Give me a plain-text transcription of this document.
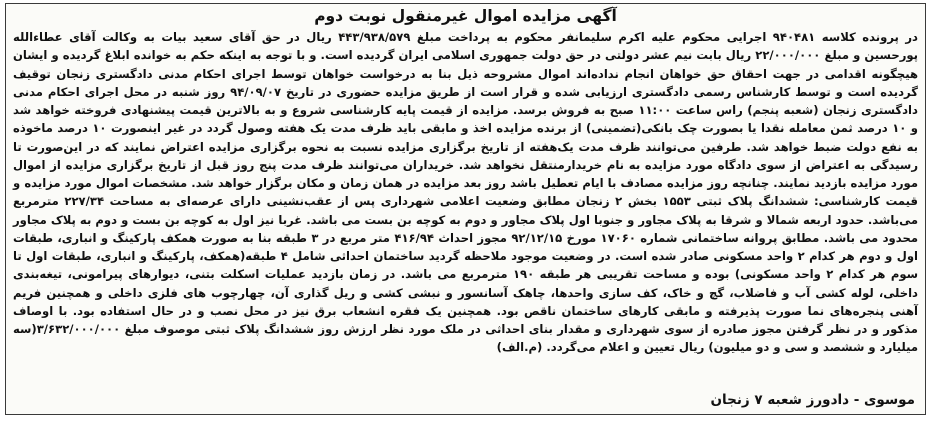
آگهی مزایده اموال غیرمنقول نوبت دوم

در پرونده کلاسه ۹۴۰۴۸۱ اجرایی محکوم علیه اکرم سلیمانفر محکوم به پرداخت مبلغ ۴۴۳/۹۳۸/۵۷۹ ریال در حق آقای سعید بیات به وکالت آقای عطاءالله پورحسین و مبلغ ۲۲/۰۰۰/۰۰۰ ریال بابت نیم عشر دولتی در حق دولت جمهوری اسلامی ایران گردیده است. و با توجه به اینکه حکم به خوانده ابلاغ گردیده و ایشان هیچگونه اقدامی در جهت احقاق حق خواهان انجام نداده‌اند اموال مشروحه ذیل بنا به درخواست خواهان توسط اجرای احکام مدنی دادگستری زنجان توقیف گردیده است و توسط کارشناس رسمی دادگستری ارزیابی شده و قرار است از طریق مزایده حضوری در تاریخ ۹۴/۰۹/۰۷ روز شنبه در محل اجرای احکام مدنی دادگستری زنجان (شعبه پنجم) راس ساعت ۱۱:۰۰ صبح به فروش برسد. مزایده از قیمت پایه کارشناسی شروع و به بالاترین قیمت پیشنهادی فروخته خواهد شد و ۱۰ درصد ثمن معامله نقدا یا بصورت چک بانکی(تضمینی) از برنده مزایده اخذ و مابقی باید ظرف مدت یک هفته وصول گردد در غیر اینصورت ۱۰ درصد ماخوذه به نفع دولت ضبط خواهد شد. طرفین می‌توانند ظرف مدت یک‌هفته از تاریخ برگزاری مزایده نسبت به نحوه برگزاری مزایده اعتراض نمایند که در این‌صورت تا رسیدگی به اعتراض از سوی دادگاه مورد مزایده به نام خریدارمنتقل نخواهد شد. خریداران می‌توانند ظرف مدت پنج روز قبل از تاریخ برگزاری مزایده از اموال مورد مزایده بازدید نمایند. چنانچه روز مزایده مصادف با ایام تعطیل باشد روز بعد مزایده در همان زمان و مکان برگزار خواهد شد. مشخصات اموال مورد مزایده و قیمت کارشناسی: ششدانگ پلاک ثبتی ۱۵۵۳ بخش ۲ زنجان مطابق وضعیت اعلامی شهرداری پس از عقب‌نشینی دارای عرصه‌ای به مساحت ۲۲۷/۳۴ مترمربع می‌باشد. حدود اربعه شمالا و شرقا به پلاک مجاور و جنوبا اول پلاک مجاور و دوم به کوچه بن بست می باشد. غربا نیز اول به کوچه بن بست و دوم به پلاک مجاور محدود می باشد. مطابق پروانه ساختمانی شماره ۱۷۰۶۰ مورخ ۹۲/۱۲/۱۵ مجوز احداث ۴۱۶/۹۴ متر مربع در ۳ طبقه بنا به صورت همکف پارکینگ و انباری، طبقات اول و دوم هر کدام ۲ واحد مسکونی صادر شده است. در وضعیت موجود ملاحظه گردید ساختمان احداثی شامل ۴ طبقه(همکف، پارکینگ و انباری، طبقات اول تا سوم هر کدام ۲ واحد مسکونی) بوده و مساحت تقریبی هر طبقه ۱۹۰ مترمربع می باشد. در زمان بازدید عملیات اسکلت بتنی، دیوارهای پیرامونی، تیغه‌بندی داخلی، لوله کشی آب و فاضلاب، گچ و خاک، کف سازی واحدها، چاهک آسانسور و نبشی کشی و ریل گذاری آن، چهارچوب های فلزی داخلی و همچنین فریم آهنی پنجره‌های نما صورت پذیرفته و مابقی کارهای ساختمان ناقص بود. همچنین یک فقره انشعاب برق نیز در محل نصب و در حال استفاده بود. با اوصاف مذکور و در نظر گرفتن مجوز صادره از سوی شهرداری و مقدار بنای احداثی در ملک مورد نظر ارزش روز ششدانگ پلاک ثبتی موصوف مبلغ ۳/۶۳۲/۰۰۰/۰۰۰(سه میلیارد و ششصد و سی و دو میلیون) ریال تعیین و اعلام می‌گردد. (م.الف)

موسوی - دادورز شعبه ۷ زنجان
